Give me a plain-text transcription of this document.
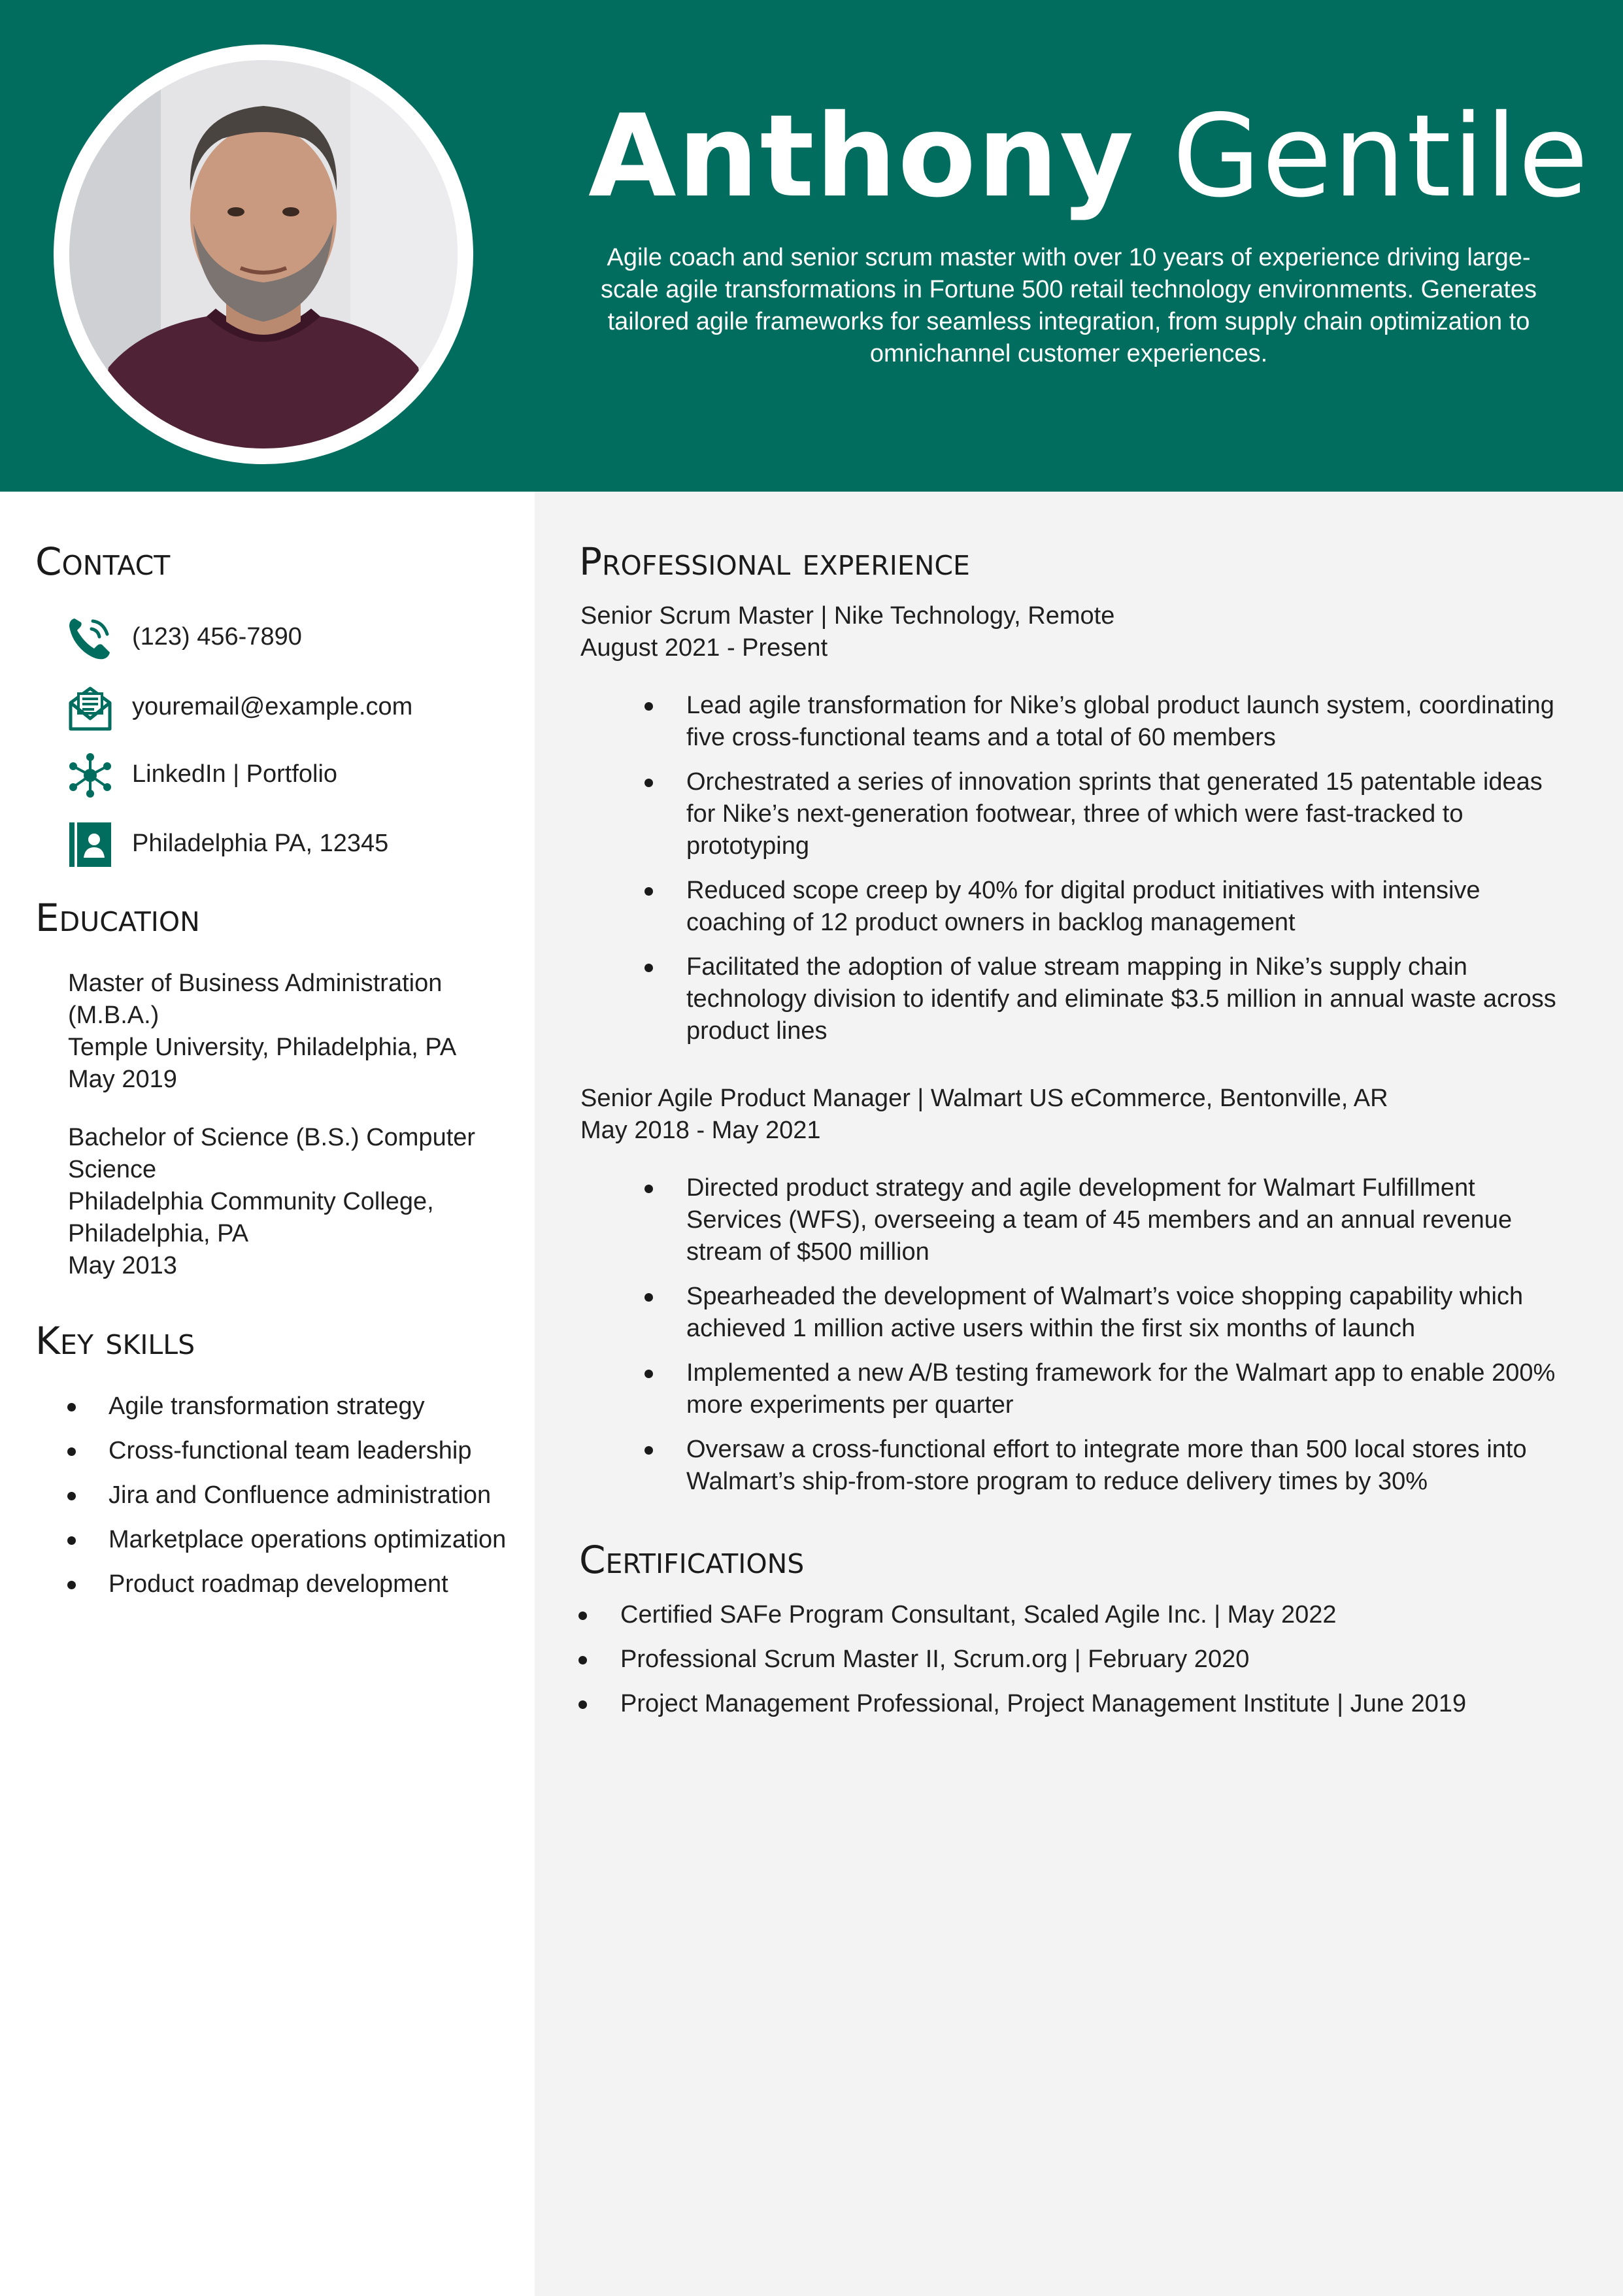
Anthony Gentile
Agile coach and senior scrum master with over 10 years of experience driving large-scale agile transformations in Fortune 500 retail technology environments. Generates tailored agile frameworks for seamless integration, from supply chain optimization to omnichannel customer experiences.
Contact
(123) 456-7890
youremail@example.com
LinkedIn | Portfolio
Philadelphia PA, 12345
Education
Master of Business Administration (M.B.A.)
Temple University, Philadelphia, PA
May 2019
Bachelor of Science (B.S.) Computer Science
Philadelphia Community College, Philadelphia, PA
May 2013
Key skills
Agile transformation strategy
Cross-functional team leadership
Jira and Confluence administration
Marketplace operations optimization
Product roadmap development
Professional experience
Senior Scrum Master | Nike Technology, Remote
August 2021 - Present
Lead agile transformation for Nike’s global product launch system, coordinating five cross-functional teams and a total of 60 members
Orchestrated a series of innovation sprints that generated 15 patentable ideas for Nike’s next-generation footwear, three of which were fast-tracked to prototyping
Reduced scope creep by 40% for digital product initiatives with intensive coaching of 12 product owners in backlog management
Facilitated the adoption of value stream mapping in Nike’s supply chain technology division to identify and eliminate $3.5 million in annual waste across product lines
Senior Agile Product Manager | Walmart US eCommerce, Bentonville, AR
May 2018 - May 2021
Directed product strategy and agile development for Walmart Fulfillment Services (WFS), overseeing a team of 45 members and an annual revenue stream of $500 million
Spearheaded the development of Walmart’s voice shopping capability which achieved 1 million active users within the first six months of launch
Implemented a new A/B testing framework for the Walmart app to enable 200% more experiments per quarter
Oversaw a cross-functional effort to integrate more than 500 local stores into Walmart’s ship-from-store program to reduce delivery times by 30%
Certifications
Certified SAFe Program Consultant, Scaled Agile Inc. | May 2022
Professional Scrum Master II, Scrum.org | February 2020
Project Management Professional, Project Management Institute | June 2019
